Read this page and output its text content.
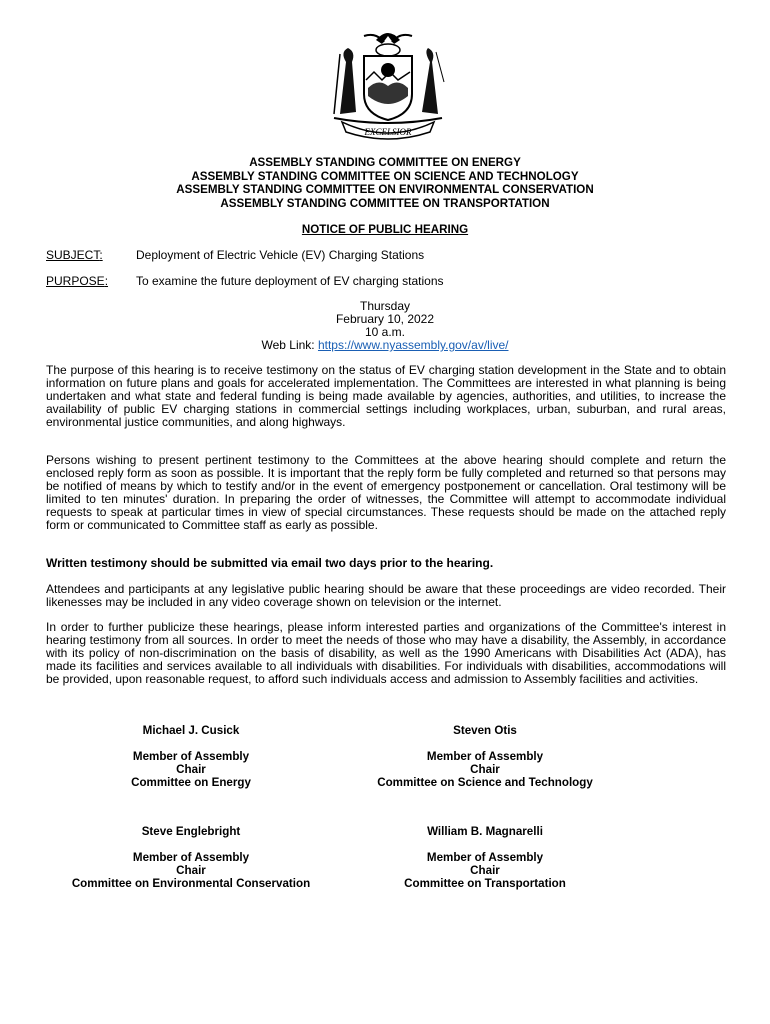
EXCELSIOR
ASSEMBLY STANDING COMMITTEE ON ENERGY
ASSEMBLY STANDING COMMITTEE ON SCIENCE AND TECHNOLOGY
ASSEMBLY STANDING COMMITTEE ON ENVIRONMENTAL CONSERVATION
ASSEMBLY STANDING COMMITTEE ON TRANSPORTATION
NOTICE OF PUBLIC HEARING
SUBJECT:	Deployment of Electric Vehicle (EV) Charging Stations
PURPOSE: To examine the future deployment of EV charging stations
Thursday
February 10, 2022
10 a.m.
Web Link: https://www.nyassembly.gov/av/live/

The purpose of this hearing is to receive testimony on the status of EV charging station development in the State and to obtain information on future plans and goals for accelerated implementation. The Committees are interested in what planning is being undertaken and what state and federal funding is being made available by agencies, authorities, and utilities, to increase the availability of public EV charging stations in commercial settings including workplaces, urban, suburban, and rural areas, environmental justice communities, and along highways.

Persons wishing to present pertinent testimony to the Committees at the above hearing should complete and return the enclosed reply form as soon as possible. It is important that the reply form be fully completed and returned so that persons may be notified of means by which to testify and/or in the event of emergency postponement or cancellation. Oral testimony will be limited to ten minutes' duration. In preparing the order of witnesses, the Committee will attempt to accommodate individual requests to speak at particular times in view of special circumstances. These requests should be made on the attached reply form or communicated to Committee staff as early as possible.

Written testimony should be submitted via email two days prior to the hearing.

Attendees and participants at any legislative public hearing should be aware that these proceedings are video recorded. Their likenesses may be included in any video coverage shown on television or the internet.

In order to further publicize these hearings, please inform interested parties and organizations of the Committee's interest in hearing testimony from all sources. In order to meet the needs of those who may have a disability, the Assembly, in accordance with its policy of non-discrimination on the basis of disability, as well as the 1990 Americans with Disabilities Act (ADA), has made its facilities and services available to all individuals with disabilities. For individuals with disabilities, accommodations will be provided, upon reasonable request, to afford such individuals access and admission to Assembly facilities and activities.

Michael J. Cusick
Member of Assembly
Chair
Committee on Energy
Steven Otis
Member of Assembly
Chair
Committee on Science and Technology
Steve Englebright
Member of Assembly
Chair
Committee on Environmental Conservation
William B. Magnarelli
Member of Assembly
Chair
Committee on Transportation
